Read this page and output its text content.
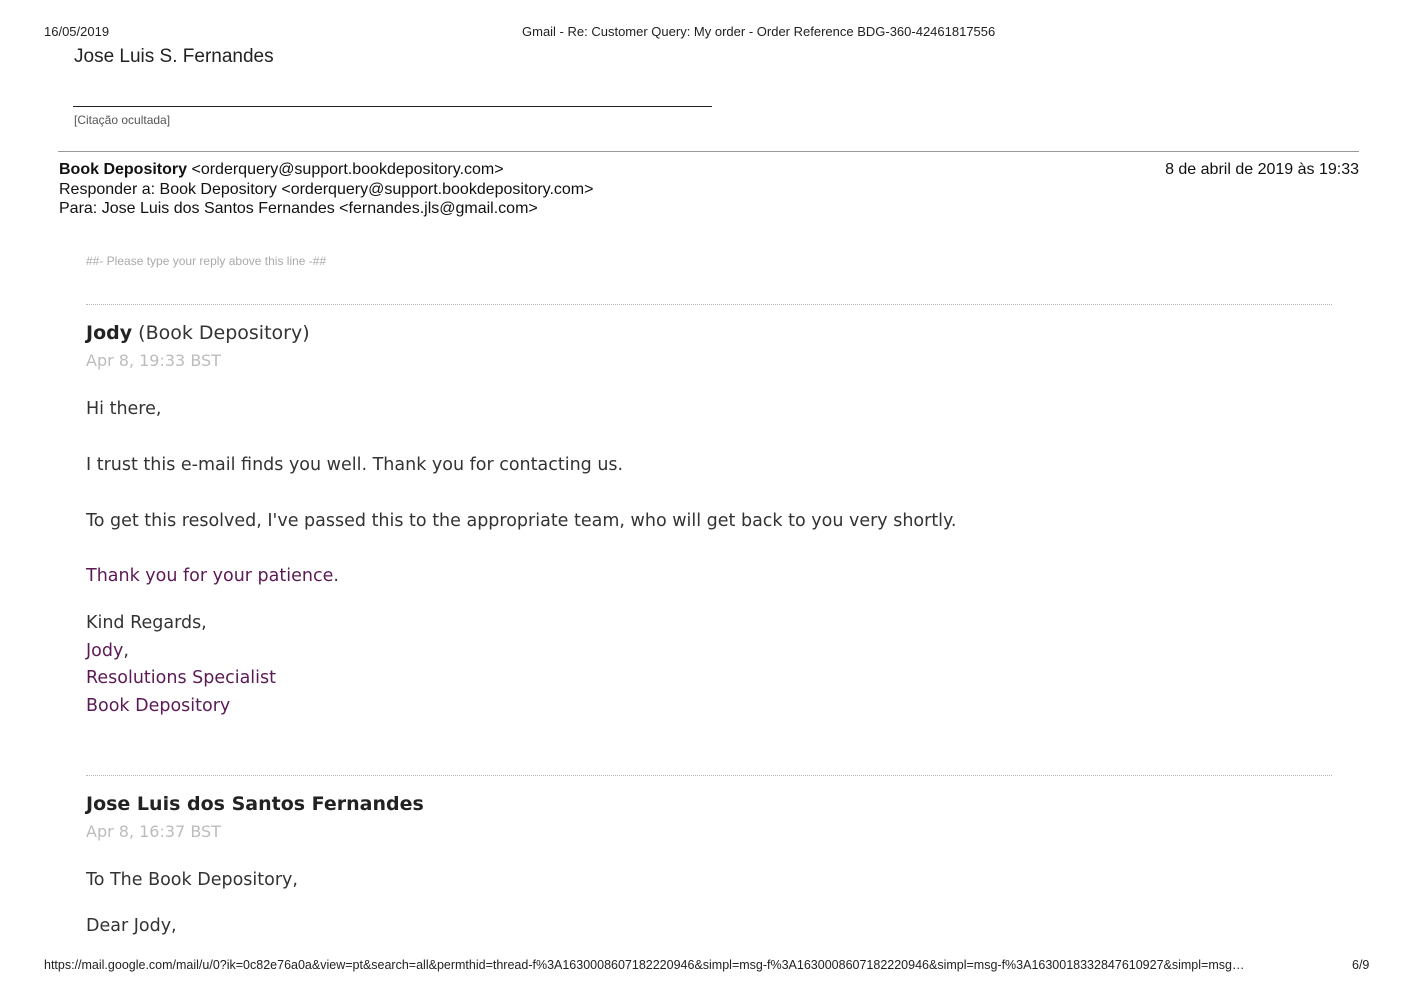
16/05/2019	Gmail - Re: Customer Query: My order - Order Reference BDG-360-42461817556
Jose Luis S. Fernandes
[Citação ocultada]
Book Depository <orderquery@support.bookdepository.com>	8 de abril de 2019 às 19:33
Responder a: Book Depository <orderquery@support.bookdepository.com>
Para: Jose Luis dos Santos Fernandes <fernandes.jls@gmail.com>
##- Please type your reply above this line -##
Jody (Book Depository)
Apr 8, 19:33 BST
Hi there,
I trust this e-mail finds you well. Thank you for contacting us.
To get this resolved, I've passed this to the appropriate team, who will get back to you very shortly.
Thank you for your patience.
Kind Regards,
Jody,
Resolutions Specialist
Book Depository
Jose Luis dos Santos Fernandes
Apr 8, 16:37 BST
To The Book Depository,
Dear Jody,
https://mail.google.com/mail/u/0?ik=0c82e76a0a&view=pt&search=all&permthid=thread-f%3A1630008607182220946&simpl=msg-f%3A1630008607182220946&simpl=msg-f%3A1630018332847610927&simpl=msg…	6/9
